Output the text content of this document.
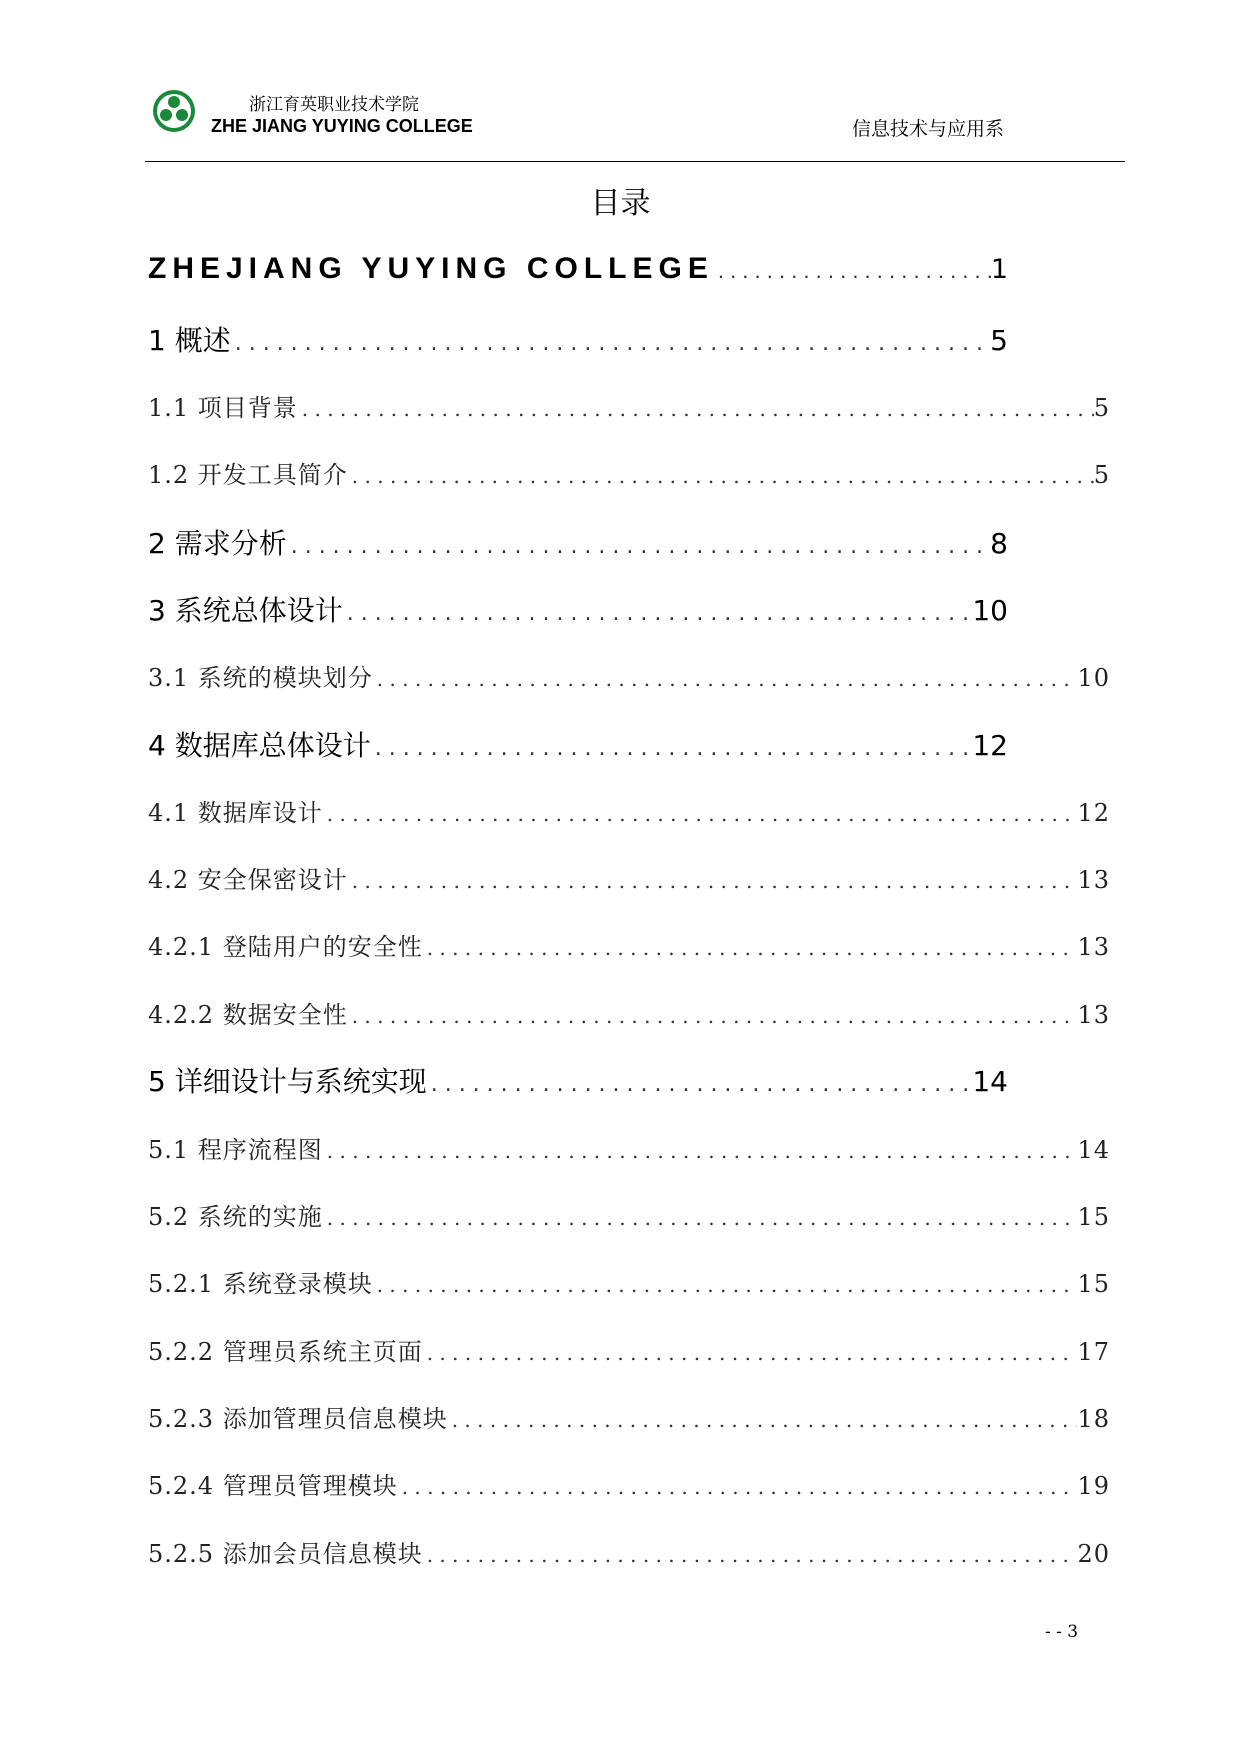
浙江育英职业技术学院
ZHE JIANG YUYING COLLEGE	信息技术与应用系
目录
ZHEJIANG YUYING COLLEGE . . .	1
1 概述 . . .	5
1.1 项目背景 . . .	5
1.2 开发工具简介 . . .	5
2 需求分析 . . .	8
3 系统总体设计 . . .	10
3.1 系统的模块划分 . . .	10
4 数据库总体设计 . . .	12
4.1 数据库设计 . . .	12
4.2 安全保密设计 . . .	13
4.2.1 登陆用户的安全性 . . .	13
4.2.2 数据安全性 . . .	13
5 详细设计与系统实现 . . .	14
5.1 程序流程图 . . .	14
5.2 系统的实施 . . .	15
5.2.1 系统登录模块 . . .	15
5.2.2 管理员系统主页面 . . .	17
5.2.3 添加管理员信息模块 . . .	18
5.2.4 管理员管理模块 . . .	19
5.2.5 添加会员信息模块 . . .	20
- - 3
